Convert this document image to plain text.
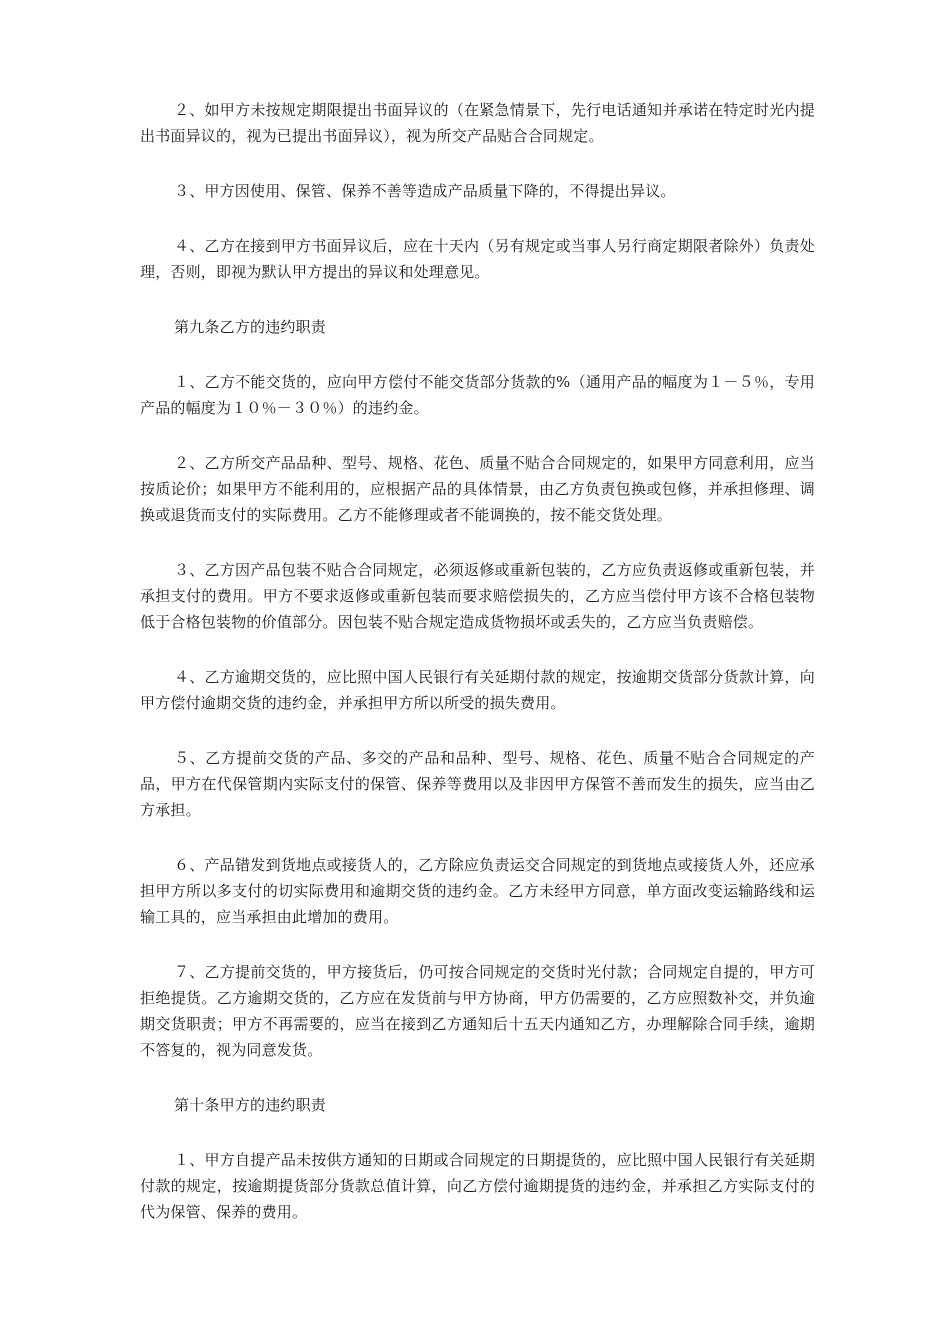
２、如甲方未按规定期限提出书面异议的（在紧急情景下，先行电话通知并承诺在特定时光内提出书面异议的，视为已提出书面异议），视为所交产品贴合合同规定。

３、甲方因使用、保管、保养不善等造成产品质量下降的，不得提出异议。

４、乙方在接到甲方书面异议后，应在十天内（另有规定或当事人另行商定期限者除外）负责处理，否则，即视为默认甲方提出的异议和处理意见。

第九条乙方的违约职责

１、乙方不能交货的，应向甲方偿付不能交货部分货款的%（通用产品的幅度为１－５％，专用产品的幅度为１０％－３０％）的违约金。

２、乙方所交产品品种、型号、规格、花色、质量不贴合合同规定的，如果甲方同意利用，应当按质论价；如果甲方不能利用的，应根据产品的具体情景，由乙方负责包换或包修，并承担修理、调换或退货而支付的实际费用。乙方不能修理或者不能调换的，按不能交货处理。

３、乙方因产品包装不贴合合同规定，必须返修或重新包装的，乙方应负责返修或重新包装，并承担支付的费用。甲方不要求返修或重新包装而要求赔偿损失的，乙方应当偿付甲方该不合格包装物低于合格包装物的价值部分。因包装不贴合规定造成货物损坏或丢失的，乙方应当负责赔偿。

４、乙方逾期交货的，应比照中国人民银行有关延期付款的规定，按逾期交货部分货款计算，向甲方偿付逾期交货的违约金，并承担甲方所以所受的损失费用。

５、乙方提前交货的产品、多交的产品和品种、型号、规格、花色、质量不贴合合同规定的产品，甲方在代保管期内实际支付的保管、保养等费用以及非因甲方保管不善而发生的损失，应当由乙方承担。

６、产品错发到货地点或接货人的，乙方除应负责运交合同规定的到货地点或接货人外，还应承担甲方所以多支付的切实际费用和逾期交货的违约金。乙方未经甲方同意，单方面改变运输路线和运输工具的，应当承担由此增加的费用。

７、乙方提前交货的，甲方接货后，仍可按合同规定的交货时光付款；合同规定自提的，甲方可拒绝提货。乙方逾期交货的，乙方应在发货前与甲方协商，甲方仍需要的，乙方应照数补交，并负逾期交货职责；甲方不再需要的，应当在接到乙方通知后十五天内通知乙方，办理解除合同手续，逾期不答复的，视为同意发货。

第十条甲方的违约职责

１、甲方自提产品未按供方通知的日期或合同规定的日期提货的，应比照中国人民银行有关延期付款的规定，按逾期提货部分货款总值计算，向乙方偿付逾期提货的违约金，并承担乙方实际支付的代为保管、保养的费用。
